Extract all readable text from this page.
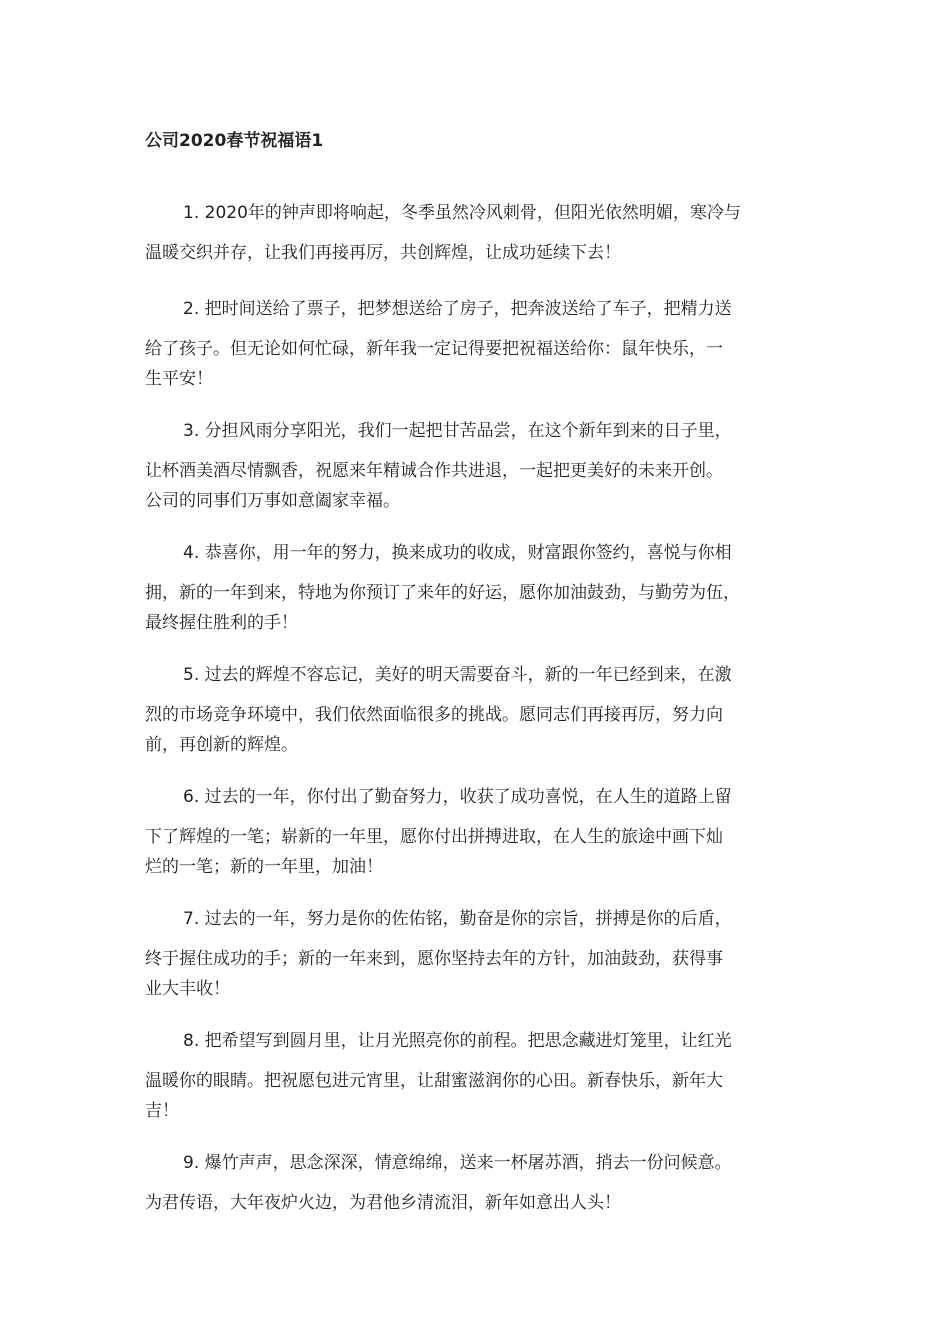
公司2020春节祝福语1
1. 2020年的钟声即将响起，冬季虽然冷风刺骨，但阳光依然明媚，寒冷与
温暖交织并存，让我们再接再厉，共创辉煌，让成功延续下去！
2. 把时间送给了票子，把梦想送给了房子，把奔波送给了车子，把精力送
给了孩子。但无论如何忙碌，新年我一定记得要把祝福送给你：鼠年快乐，一
生平安！
3. 分担风雨分享阳光，我们一起把甘苦品尝，在这个新年到来的日子里，
让杯酒美酒尽情飘香，祝愿来年精诚合作共进退，一起把更美好的未来开创。
公司的同事们万事如意阖家幸福。
4. 恭喜你，用一年的努力，换来成功的收成，财富跟你签约，喜悦与你相
拥，新的一年到来，特地为你预订了来年的好运，愿你加油鼓劲，与勤劳为伍，
最终握住胜利的手！
5. 过去的辉煌不容忘记，美好的明天需要奋斗，新的一年已经到来，在激
烈的市场竞争环境中，我们依然面临很多的挑战。愿同志们再接再厉，努力向
前，再创新的辉煌。
6. 过去的一年，你付出了勤奋努力，收获了成功喜悦，在人生的道路上留
下了辉煌的一笔；崭新的一年里，愿你付出拼搏进取，在人生的旅途中画下灿
烂的一笔；新的一年里，加油！
7. 过去的一年，努力是你的佐佑铭，勤奋是你的宗旨，拼搏是你的后盾，
终于握住成功的手；新的一年来到，愿你坚持去年的方针，加油鼓劲，获得事
业大丰收！
8. 把希望写到圆月里，让月光照亮你的前程。把思念藏进灯笼里，让红光
温暖你的眼睛。把祝愿包进元宵里，让甜蜜滋润你的心田。新春快乐，新年大
吉！
9. 爆竹声声，思念深深，情意绵绵，送来一杯屠苏酒，捎去一份问候意。
为君传语，大年夜炉火边，为君他乡清流泪，新年如意出人头！
